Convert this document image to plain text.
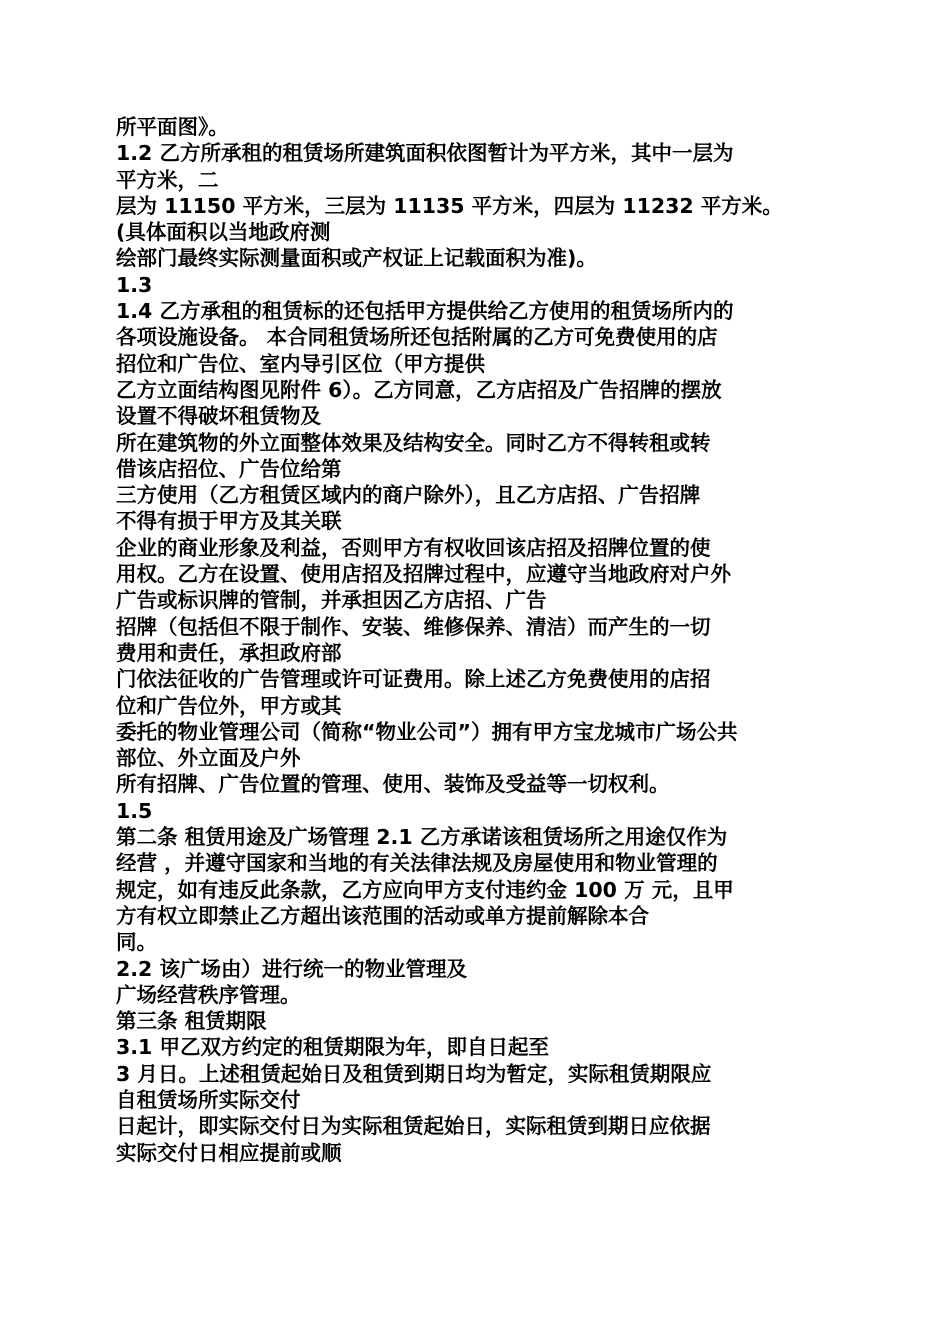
所平面图》。
1.2 乙方所承租的租赁场所建筑面积依图暂计为平方米，其中一层为
平方米，二
层为 11150 平方米，三层为 11135 平方米，四层为 11232 平方米。
(具体面积以当地政府测
绘部门最终实际测量面积或产权证上记载面积为准)。
1.3
1.4 乙方承租的租赁标的还包括甲方提供给乙方使用的租赁场所内的
各项设施设备。 本合同租赁场所还包括附属的乙方可免费使用的店
招位和广告位、室内导引区位（甲方提供
乙方立面结构图见附件 6）。乙方同意，乙方店招及广告招牌的摆放
设置不得破坏租赁物及
所在建筑物的外立面整体效果及结构安全。同时乙方不得转租或转
借该店招位、广告位给第
三方使用（乙方租赁区域内的商户除外），且乙方店招、广告招牌
不得有损于甲方及其关联
企业的商业形象及利益，否则甲方有权收回该店招及招牌位置的使
用权。乙方在设置、使用店招及招牌过程中，应遵守当地政府对户外
广告或标识牌的管制，并承担因乙方店招、广告
招牌（包括但不限于制作、安装、维修保养、清洁）而产生的一切
费用和责任，承担政府部
门依法征收的广告管理或许可证费用。除上述乙方免费使用的店招
位和广告位外，甲方或其
委托的物业管理公司（简称“物业公司”）拥有甲方宝龙城市广场公共
部位、外立面及户外
所有招牌、广告位置的管理、使用、装饰及受益等一切权利。
1.5
第二条 租赁用途及广场管理 2.1 乙方承诺该租赁场所之用途仅作为
经营 ，并遵守国家和当地的有关法律法规及房屋使用和物业管理的
规定，如有违反此条款，乙方应向甲方支付违约金 100 万 元，且甲
方有权立即禁止乙方超出该范围的活动或单方提前解除本合
同。
2.2 该广场由）进行统一的物业管理及
广场经营秩序管理。
第三条 租赁期限
3.1 甲乙双方约定的租赁期限为年，即自日起至
3 月日。上述租赁起始日及租赁到期日均为暂定，实际租赁期限应
自租赁场所实际交付
日起计，即实际交付日为实际租赁起始日，实际租赁到期日应依据
实际交付日相应提前或顺
